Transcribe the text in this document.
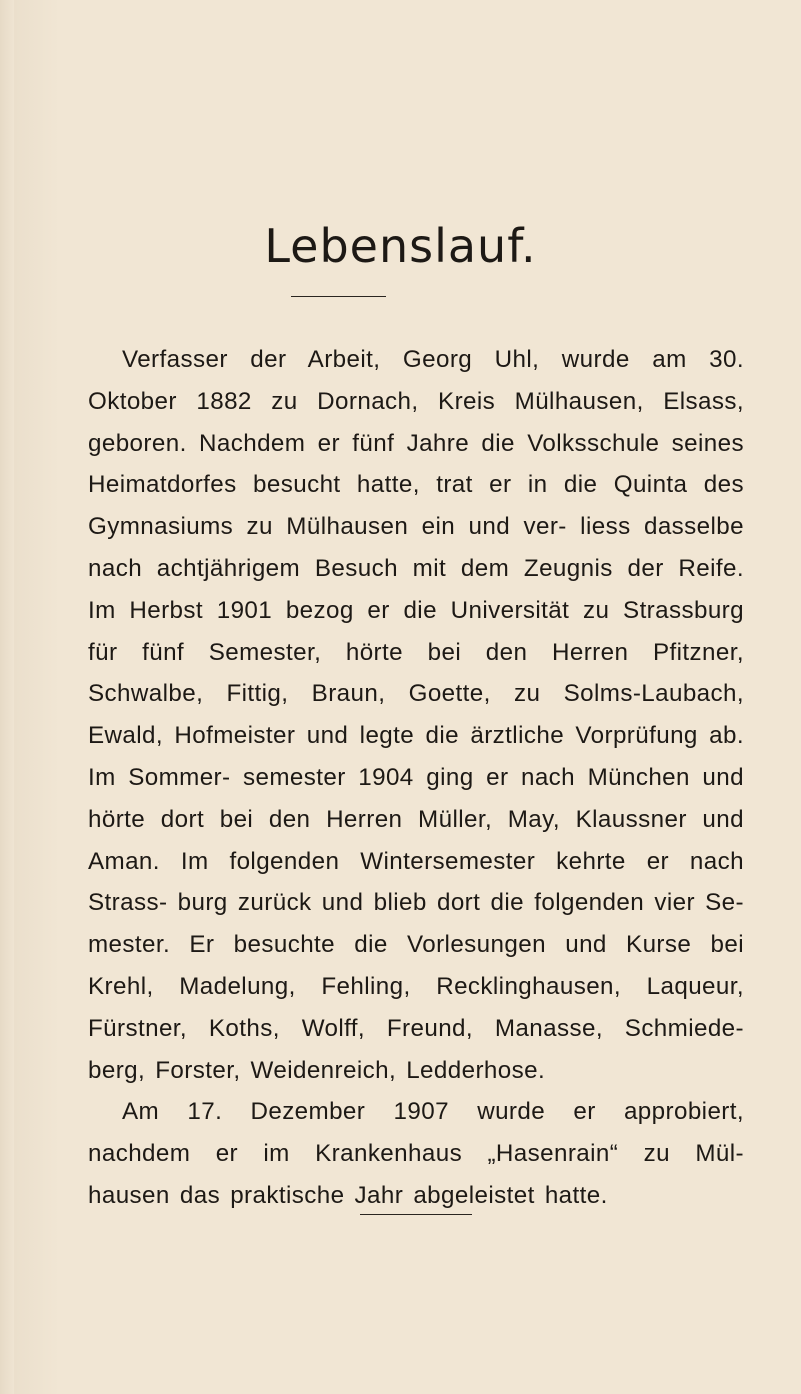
Lebenslauf.

Verfasser der Arbeit, Georg Uhl, wurde am 30. Oktober 1882 zu Dornach, Kreis Mülhausen, Elsass, geboren. Nachdem er fünf Jahre die Volksschule seines Heimatdorfes besucht hatte, trat er in die Quinta des Gymnasiums zu Mülhausen ein und ver- liess dasselbe nach achtjährigem Besuch mit dem Zeugnis der Reife. Im Herbst 1901 bezog er die Universität zu Strassburg für fünf Semester, hörte bei den Herren Pfitzner, Schwalbe, Fittig, Braun, Goette, zu Solms-Laubach, Ewald, Hofmeister und legte die ärztliche Vorprüfung ab. Im Sommer- semester 1904 ging er nach München und hörte dort bei den Herren Müller, May, Klaussner und Aman. Im folgenden Wintersemester kehrte er nach Strass- burg zurück und blieb dort die folgenden vier Se- mester. Er besuchte die Vorlesungen und Kurse bei Krehl, Madelung, Fehling, Recklinghausen, Laqueur, Fürstner, Koths, Wolff, Freund, Manasse, Schmiede- berg, Forster, Weidenreich, Ledderhose.

Am 17. Dezember 1907 wurde er approbiert, nachdem er im Krankenhaus „Hasenrain“ zu Mül- hausen das praktische Jahr abgeleistet hatte.
